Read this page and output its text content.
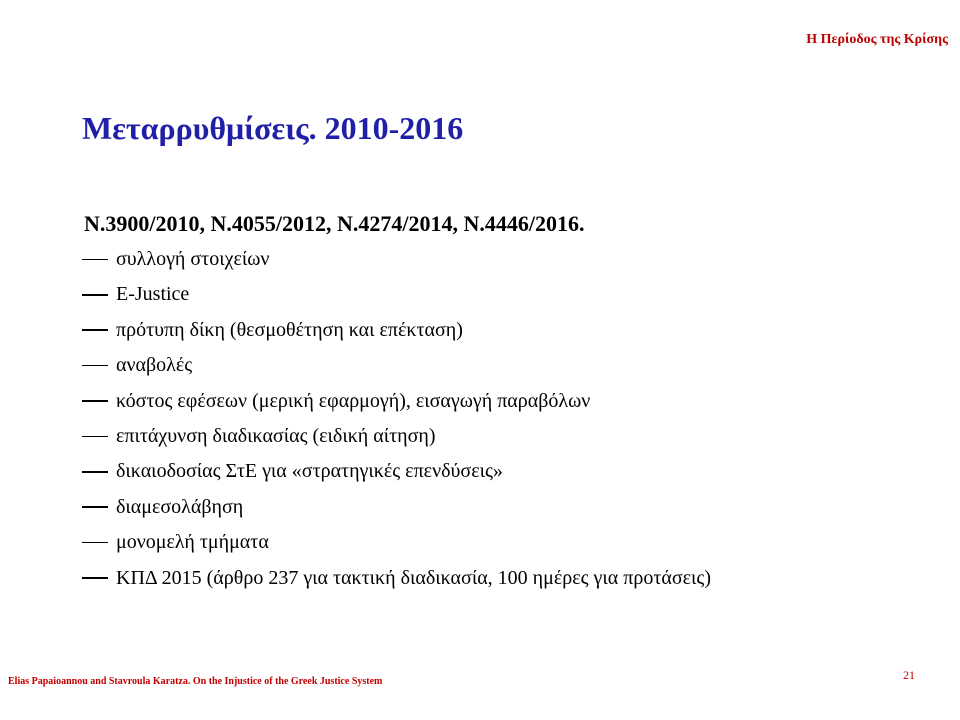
Η Περίοδος της Κρίσης
Μεταρρυθμίσεις. 2010-2016
Ν.3900/2010, Ν.4055/2012, Ν.4274/2014, Ν.4446/2016.
συλλογή στοιχείων
E-Justice
πρότυπη δίκη (θεσμοθέτηση και επέκταση)
αναβολές
κόστος εφέσεων (μερική εφαρμογή), εισαγωγή παραβόλων
επιτάχυνση διαδικασίας (ειδική αίτηση)
δικαιοδοσίας ΣτΕ για «στρατηγικές επενδύσεις»
διαμεσολάβηση
μονομελή τμήματα
ΚΠΔ 2015 (άρθρο 237 για τακτική διαδικασία, 100 ημέρες για προτάσεις)
21
Elias Papaioannou and Stavroula Karatza. On the Injustice of the Greek Justice System
